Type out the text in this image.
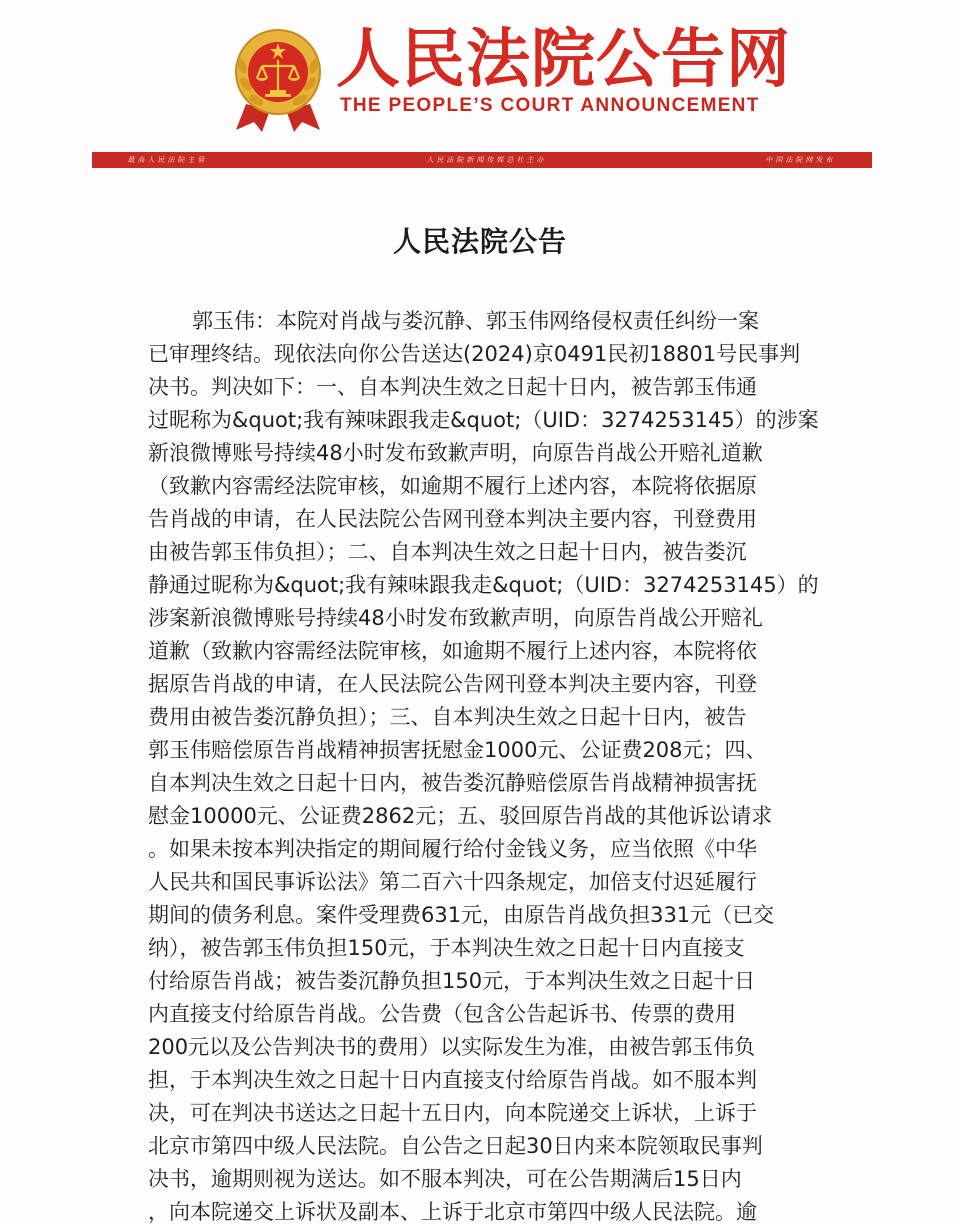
人民法院公告网
THE PEOPLE’S COURT ANNOUNCEMENT
最高人民法院主管	人民法院新闻传媒总社主办	中国法院网发布
人民法院公告
郭玉伟：本院对肖战与娄沉静、郭玉伟网络侵权责任纠纷一案
已审理终结。现依法向你公告送达(2024)京0491民初18801号民事判
决书。判决如下：一、自本判决生效之日起十日内，被告郭玉伟通
过昵称为&quot;我有辣味跟我走&quot;（UID：3274253145）的涉案
新浪微博账号持续48小时发布致歉声明，向原告肖战公开赔礼道歉
（致歉内容需经法院审核，如逾期不履行上述内容，本院将依据原
告肖战的申请，在人民法院公告网刊登本判决主要内容，刊登费用
由被告郭玉伟负担）；二、自本判决生效之日起十日内，被告娄沉
静通过昵称为&quot;我有辣味跟我走&quot;（UID：3274253145）的
涉案新浪微博账号持续48小时发布致歉声明，向原告肖战公开赔礼
道歉（致歉内容需经法院审核，如逾期不履行上述内容，本院将依
据原告肖战的申请，在人民法院公告网刊登本判决主要内容，刊登
费用由被告娄沉静负担）；三、自本判决生效之日起十日内，被告
郭玉伟赔偿原告肖战精神损害抚慰金1000元、公证费208元；四、
自本判决生效之日起十日内，被告娄沉静赔偿原告肖战精神损害抚
慰金10000元、公证费2862元；五、驳回原告肖战的其他诉讼请求
。如果未按本判决指定的期间履行给付金钱义务，应当依照《中华
人民共和国民事诉讼法》第二百六十四条规定，加倍支付迟延履行
期间的债务利息。案件受理费631元，由原告肖战负担331元（已交
纳），被告郭玉伟负担150元，于本判决生效之日起十日内直接支
付给原告肖战；被告娄沉静负担150元，于本判决生效之日起十日
内直接支付给原告肖战。公告费（包含公告起诉书、传票的费用
200元以及公告判决书的费用）以实际发生为准，由被告郭玉伟负
担，于本判决生效之日起十日内直接支付给原告肖战。如不服本判
决，可在判决书送达之日起十五日内，向本院递交上诉状，上诉于
北京市第四中级人民法院。自公告之日起30日内来本院领取民事判
决书，逾期则视为送达。如不服本判决，可在公告期满后15日内
，向本院递交上诉状及副本、上诉于北京市第四中级人民法院。逾
